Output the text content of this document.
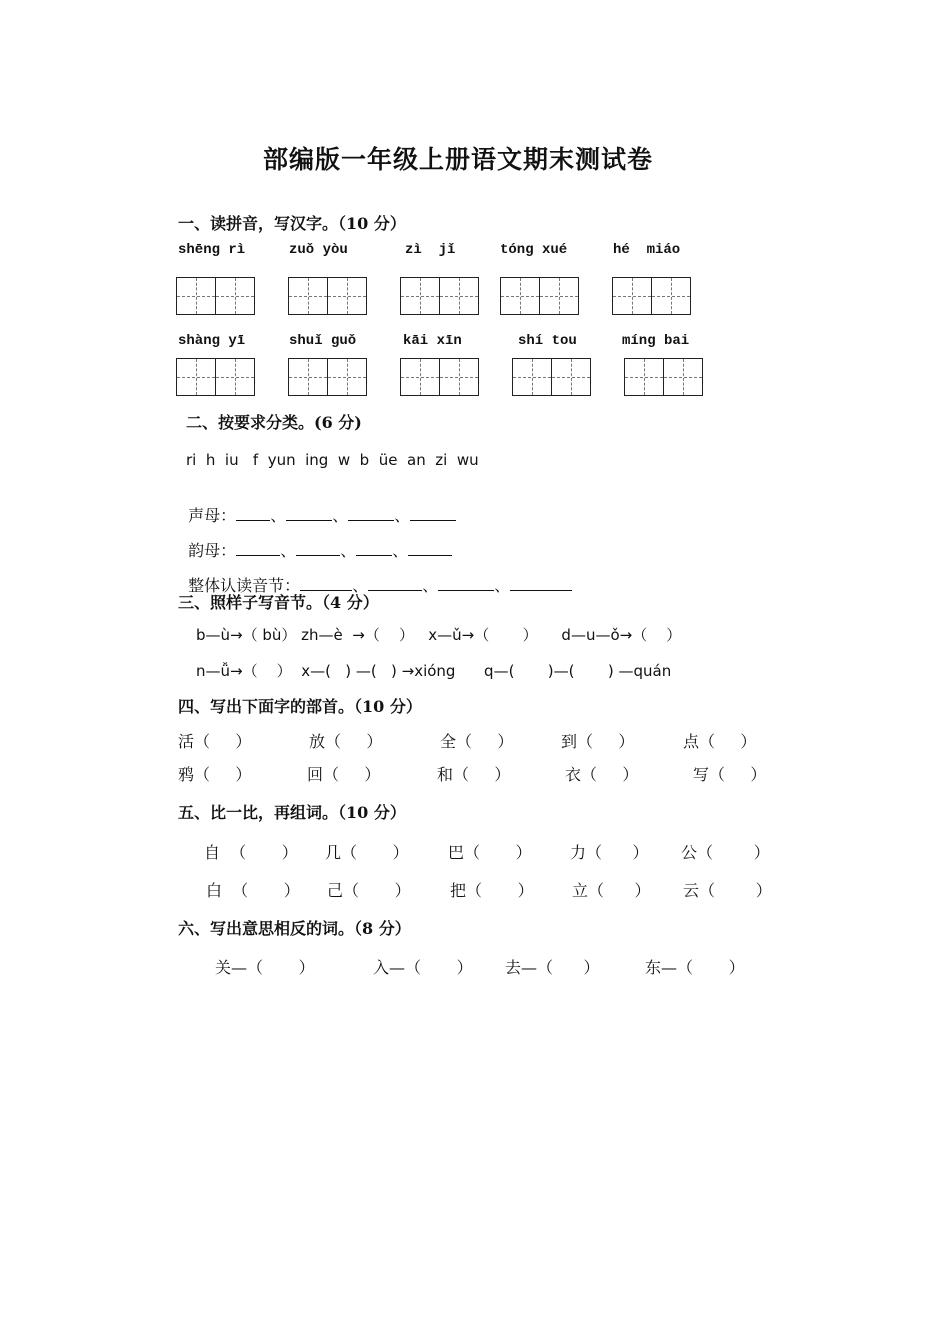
部编版一年级上册语文期末测试卷
一、读拼音，写汉字。（10 分）
shēng rì	zuǒ yòu	zì  jǐ	tóng xué	hé  miáo
shàng yī	shuǐ guǒ	kāi xīn	shí tou	míng bai
二、按要求分类。(6 分)
ri  h  iu   f  yun  ing  w  b  üe  an  zi  wu

声母： 、	、	、

韵母：	、	、 、

整体认读音节：	、	、	、

三、照样子写音节。（4 分）
b—ù→（ bù） zh—è  →（    ）   x—ǔ→（       ）     d—u—ǒ→（    ）
n—ǚ→（    ）  x—(   ) —(   ) →xióng      q—(       )—(       ) —quán
四、写出下面字的部首。（10 分）
活（     ）	放（     ）	全（     ）	到（     ）	点（     ）
鸦（     ）	回（     ）	和（     ）	衣（     ）	写（     ）
五、比一比，再组词。（10 分）
自  （       ） 几（       ） 巴（       ） 力（      ） 公（        ）
白  （       ） 己（       ） 把（       ） 立（      ） 云（        ）
六、写出意思相反的词。（8 分）
关—（       ）	入—（       ） 去—（      ）	东—（       ）
